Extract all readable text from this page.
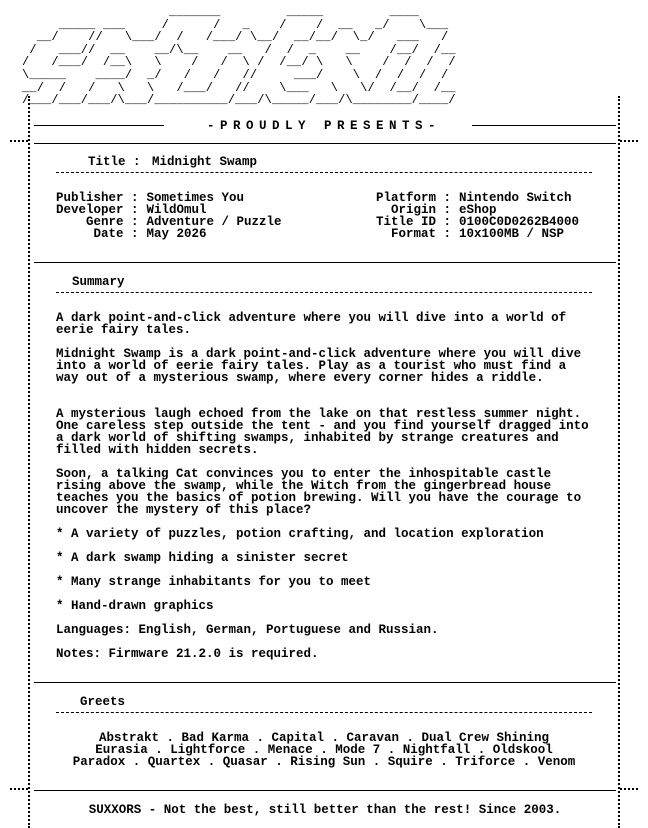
_______         _____         ____
_____ ___     /      /   _    /    /  __   _/    \___
__/    //   \___/  /   /___/ \__/  __/__/  \_/   ___   /
/   ___//  __    __/\__    __   /  /  _    __    /__/  /__
/   /___/  /__\   \    /   /  \ /  /__/ \   \    /  /  /  /
\_____    ____/  _/   /   /   //     ___/    \  /  /  /  /
__/  /   /   \   \   /___/   //    \___   \   \/  /__/  /__
/___/___/___/\___/__________/___/\_____/___/\________/____/
-PROUDLY PRESENTS-
Title : Midnight Swamp
Publisher :	Sometimes You
Developer :	WildOmul
Genre :	Adventure / Puzzle
Date :	May 2026
Platform :	Nintendo Switch
Origin :	eShop
Title ID :	0100C0D0262B4000
Format :	10x100MB / NSP
Summary

A dark point-and-click adventure where you will dive into a world of eerie fairy tales.

Midnight Swamp is a dark point-and-click adventure where you will dive into a world of eerie fairy tales. Play as a tourist who must find a way out of a mysterious swamp, where every corner hides a riddle.

A mysterious laugh echoed from the lake on that restless summer night. One careless step outside the tent - and you find yourself dragged into a dark world of shifting swamps, inhabited by strange creatures and filled with hidden secrets.

Soon, a talking Cat convinces you to enter the inhospitable castle rising above the swamp, while the Witch from the gingerbread house teaches you the basics of potion brewing. Will you have the courage to uncover the mystery of this place?

* A variety of puzzles, potion crafting, and location exploration
* A dark swamp hiding a sinister secret
* Many strange inhabitants for you to meet
* Hand-drawn graphics
Languages: English, German, Portuguese and Russian.
Notes: Firmware 21.2.0 is required.
Greets

Abstrakt . Bad Karma . Capital . Caravan . Dual Crew Shining

Eurasia . Lightforce . Menace . Mode 7 . Nightfall . Oldskool

Paradox . Quartex . Quasar . Rising Sun . Squire . Triforce . Venom

SUXXORS - Not the best, still better than the rest! Since 2003.
